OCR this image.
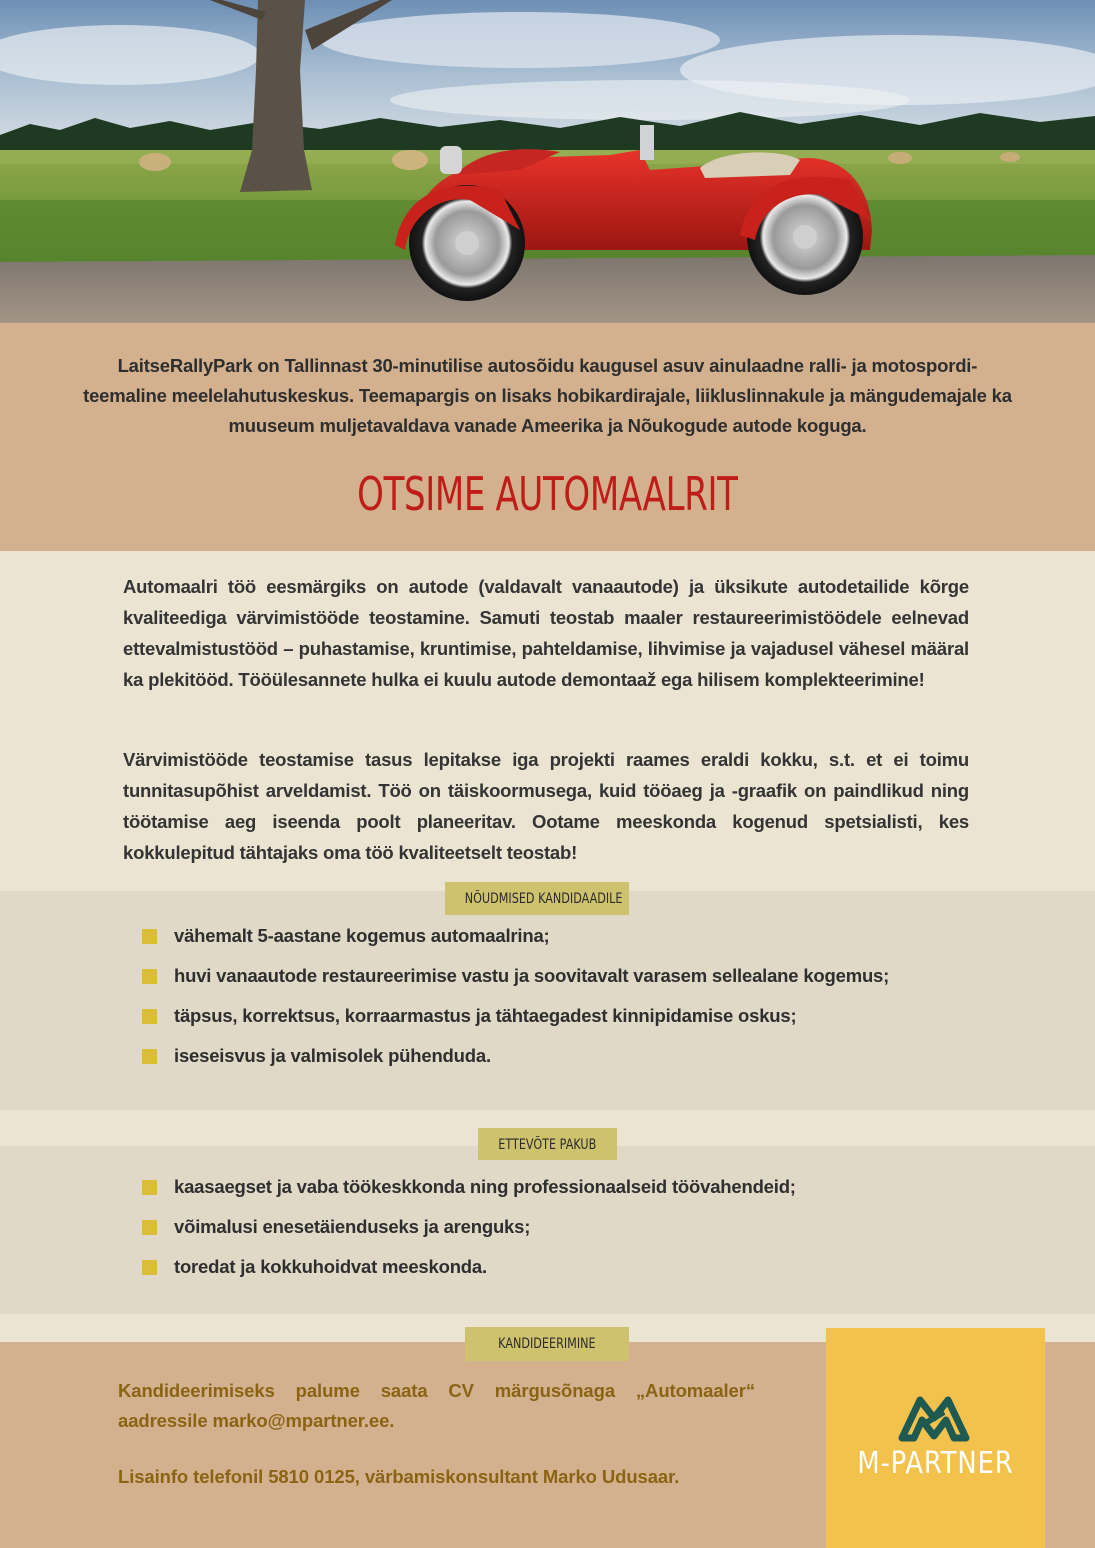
LaitseRallyPark on Tallinnast 30-minutilise autosõidu kaugusel asuv ainulaadne ralli- ja motosporditeemaline meelelahutuskeskus. Teemapargis on lisaks hobikardirajale, liikluslinnakule ja mängudemajale ka muuseum muljetavaldava vanade Ameerika ja Nõukogude autode koguga.
OTSIME AUTOMAALRIT

Automaalri töö eesmärgiks on autode (valdavalt vanaautode) ja üksikute autodetailide kõrge kvaliteediga värvimistööde teostamine. Samuti teostab maaler restaureerimistöödele eelnevad ettevalmistustööd – puhastamise, kruntimise, pahteldamise, lihvimise ja vajadusel vähesel määral ka plekitööd. Tööülesannete hulka ei kuulu autode demontaaž ega hilisem komplekteerimine!

Värvimistööde teostamise tasus lepitakse iga projekti raames eraldi kokku, s.t. et ei toimu tunnitasupõhist arveldamist. Töö on täiskoormusega, kuid tööaeg ja -graafik on paindlikud ning töötamise aeg iseenda poolt planeeritav. Ootame meeskonda kogenud spetsialisti, kes kokkulepitud tähtajaks oma töö kvaliteetselt teostab!

NÕUDMISED KANDIDAADILE
vähemalt 5-aastane kogemus automaalrina;
huvi vanaautode restaureerimise vastu ja soovitavalt varasem sellealane kogemus;
täpsus, korrektsus, korraarmastus ja tähtaegadest kinnipidamise oskus;
iseseisvus ja valmisolek pühenduda.
ETTEVÕTE PAKUB
kaasaegset ja vaba töökeskkonda ning professionaalseid töövahendeid;
võimalusi enesetäienduseks ja arenguks;
toredat ja kokkuhoidvat meeskonda.

Kandideerimiseks palume saata CV märgusõnaga „Automaaler“ aadressile marko@mpartner.ee.

Lisainfo telefonil 5810 0125, värbamiskonsultant Marko Udusaar.

KANDIDEERIMINE
M-PARTNER
